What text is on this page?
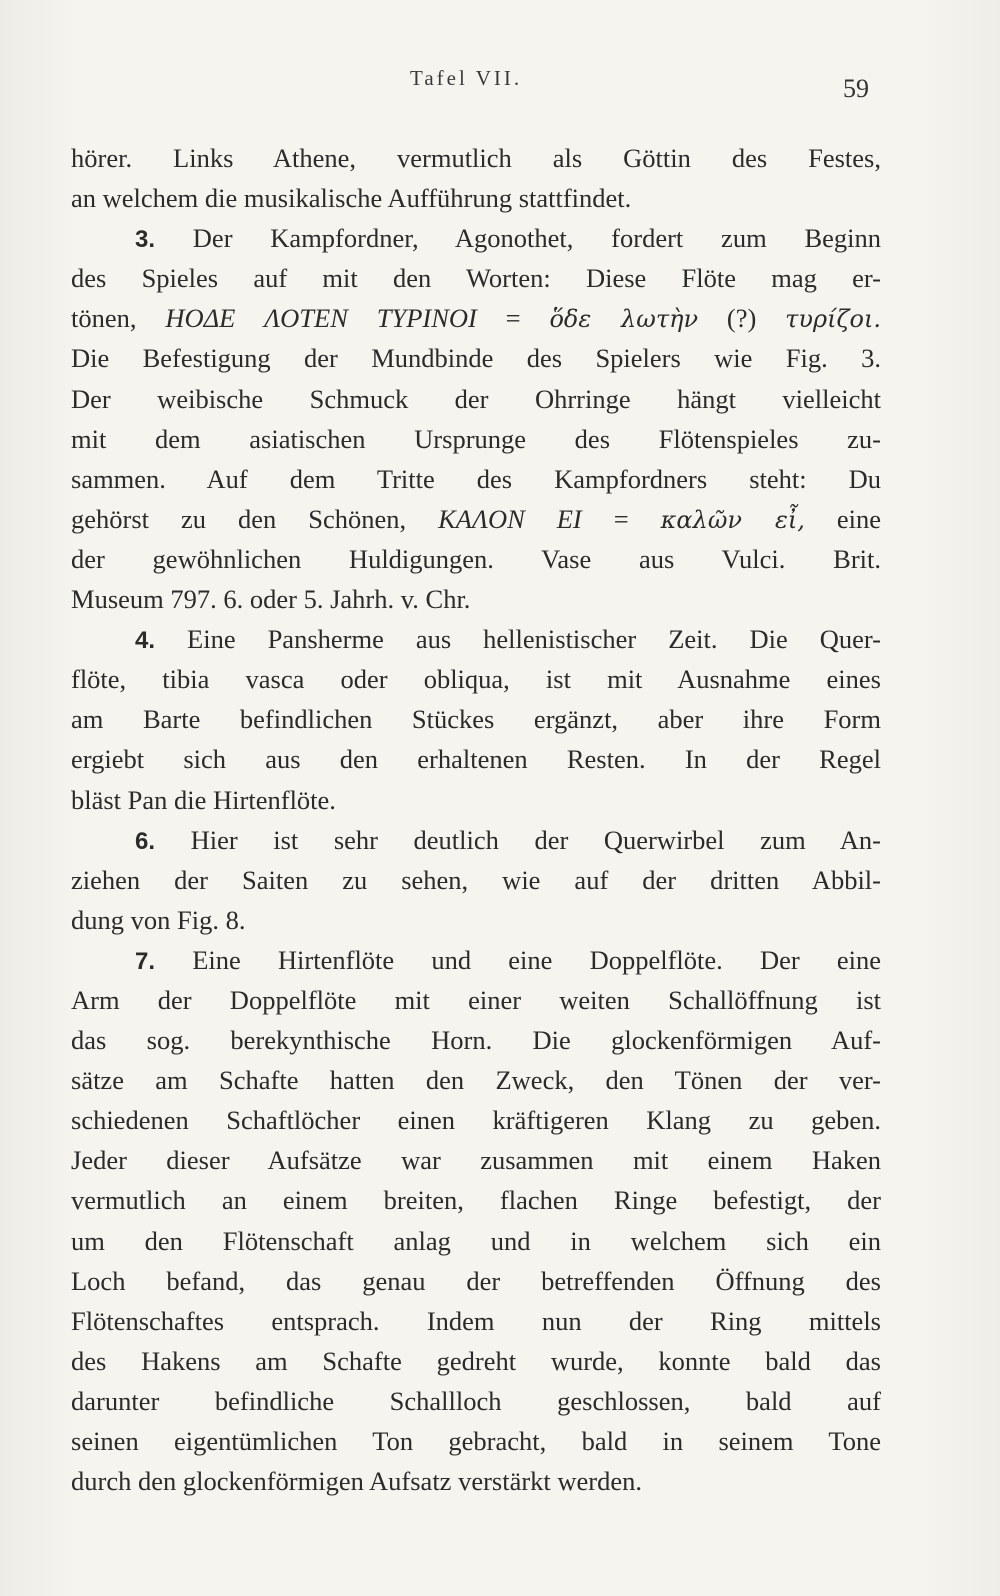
Tafel VII.	59
hörer. Links Athene, vermutlich als Göttin des Festes,
an welchem die musikalische Aufführung stattfindet.
3. Der Kampfordner, Agonothet, fordert zum Beginn
des Spieles auf mit den Worten: Diese Flöte mag er-
tönen, HOΔE ΛOTEN TYPINOI = ὅδε λωτὴν (?) τυρίζοι.
Die Befestigung der Mundbinde des Spielers wie Fig. 3.
Der weibische Schmuck der Ohrringe hängt vielleicht
mit dem asiatischen Ursprunge des Flötenspieles zu-
sammen. Auf dem Tritte des Kampfordners steht: Du
gehörst zu den Schönen, KAΛON EI = καλῶν εἶ, eine
der gewöhnlichen Huldigungen. Vase aus Vulci. Brit.
Museum 797. 6. oder 5. Jahrh. v. Chr.
4. Eine Pansherme aus hellenistischer Zeit. Die Quer-
flöte, tibia vasca oder obliqua, ist mit Ausnahme eines
am Barte befindlichen Stückes ergänzt, aber ihre Form
ergiebt sich aus den erhaltenen Resten. In der Regel
bläst Pan die Hirtenflöte.
6. Hier ist sehr deutlich der Querwirbel zum An-
ziehen der Saiten zu sehen, wie auf der dritten Abbil-
dung von Fig. 8.
7. Eine Hirtenflöte und eine Doppelflöte. Der eine
Arm der Doppelflöte mit einer weiten Schallöffnung ist
das sog. berekynthische Horn. Die glockenförmigen Auf-
sätze am Schafte hatten den Zweck, den Tönen der ver-
schiedenen Schaftlöcher einen kräftigeren Klang zu geben.
Jeder dieser Aufsätze war zusammen mit einem Haken
vermutlich an einem breiten, flachen Ringe befestigt, der
um den Flötenschaft anlag und in welchem sich ein
Loch befand, das genau der betreffenden Öffnung des
Flötenschaftes entsprach. Indem nun der Ring mittels
des Hakens am Schafte gedreht wurde, konnte bald das
darunter befindliche Schallloch geschlossen, bald auf
seinen eigentümlichen Ton gebracht, bald in seinem Tone
durch den glockenförmigen Aufsatz verstärkt werden.
